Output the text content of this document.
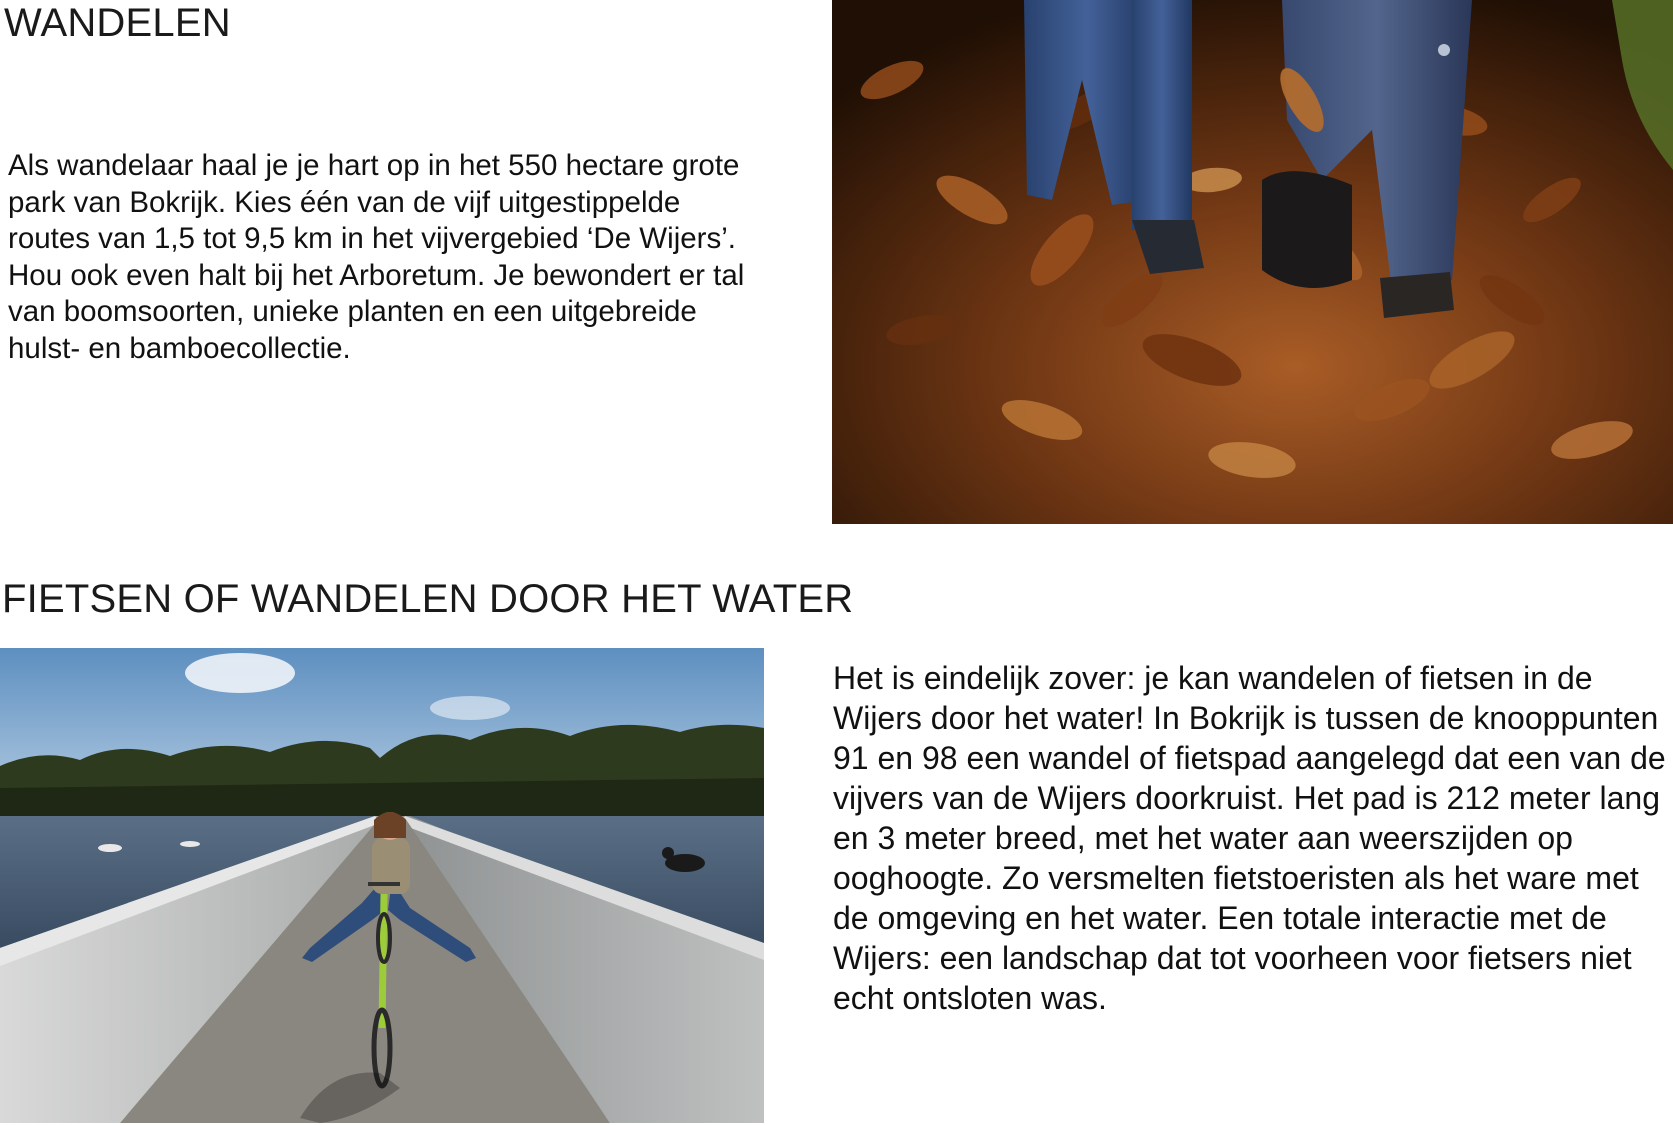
WANDELEN

Als wandelaar haal je je hart op in het 550 hectare grote park van Bokrijk. Kies één van de vijf uitgestippelde routes van 1,5 tot 9,5 km in het vijvergebied ‘De Wijers’. Hou ook even halt bij het Arboretum. Je bewondert er tal van boomsoorten, unieke planten en een uitgebreide hulst- en bamboecollectie.

FIETSEN OF WANDELEN DOOR HET WATER

Het is eindelijk zover: je kan wandelen of fietsen in de Wijers door het water! In Bokrijk is tussen de knooppunten 91 en 98 een wandel of fietspad aangelegd dat een van de vijvers van de Wijers doorkruist. Het pad is 212 meter lang en 3 meter breed, met het water aan weerszijden op ooghoogte. Zo versmelten fietstoeristen als het ware met de omgeving en het water. Een totale interactie met de Wijers: een landschap dat tot voorheen voor fietsers niet echt ontsloten was.
